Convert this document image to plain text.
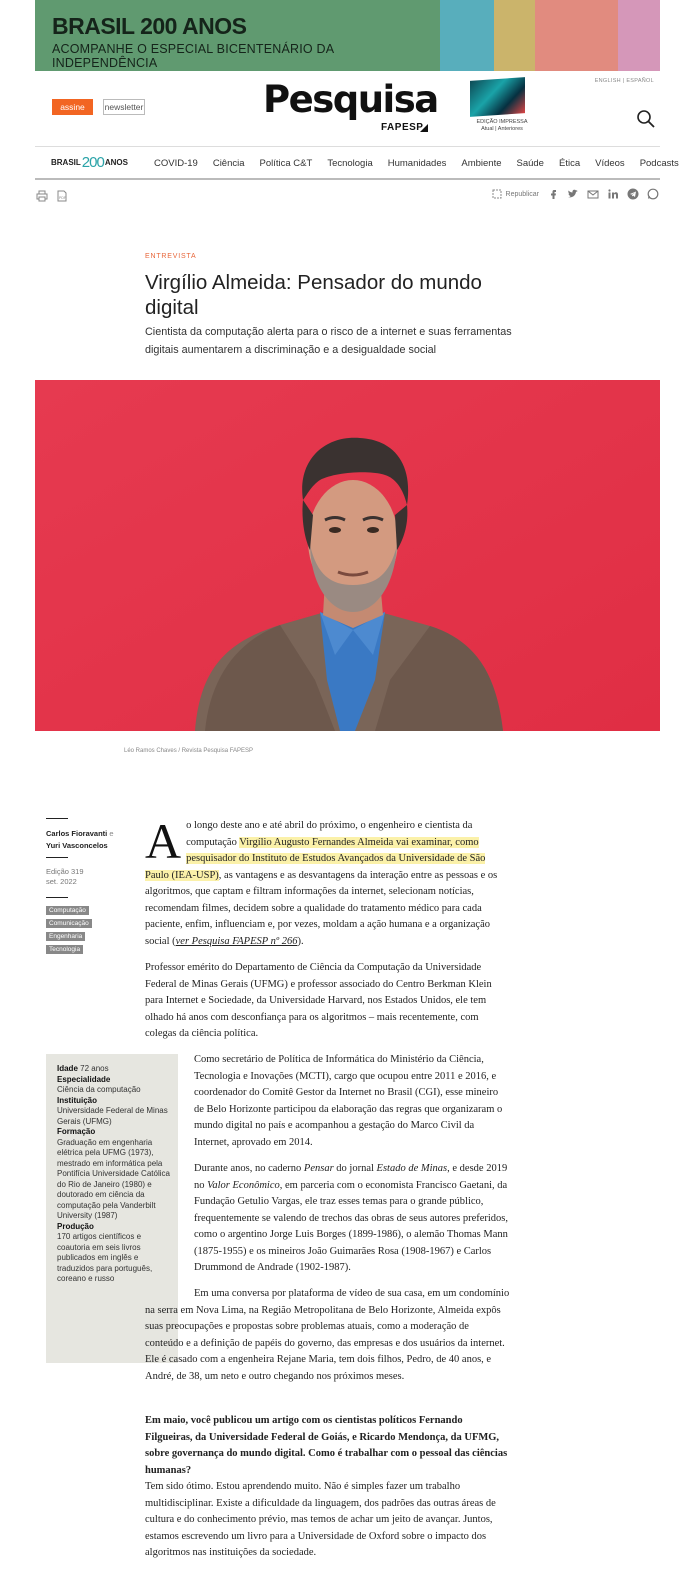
BRASIL 200 ANOS
ACOMPANHE O ESPECIAL BICENTENÁRIO DA INDEPENDÊNCIA
assine	newsletter	Pesquisa
FAPESP	EDIÇÃO IMPRESSA
Atual | Anteriores
ENGLISH | ESPAÑOL
BRASIL 200 ANOS	COVID-19 Ciência Política C&T Tecnologia Humanidades Ambiente Saúde Ética Vídeos Podcasts
PDF
Republicar
ENTREVISTA
Virgílio Almeida: Pensador do mundo digital

Cientista da computação alerta para o risco de a internet e suas ferramentas digitais aumentarem a discriminação e a desigualdade social

Léo Ramos Chaves / Revista Pesquisa FAPESP
Carlos Fioravanti e
Yuri Vasconcelos
Edição 319
set. 2022
Computação
Comunicação
Engenharia
Tecnologia
Ao longo deste ano e até abril do próximo, o engenheiro e cientista da computação Virgílio Augusto Fernandes Almeida vai examinar, como pesquisador do Instituto de Estudos Avançados da Universidade de São Paulo (IEA-USP), as vantagens e as desvantagens da interação entre as pessoas e os algoritmos, que captam e filtram informações da internet, selecionam notícias, recomendam filmes, decidem sobre a qualidade do tratamento médico para cada paciente, enfim, influenciam e, por vezes, moldam a ação humana e a organização social (ver Pesquisa FAPESP nº 266).
Professor emérito do Departamento de Ciência da Computação da Universidade Federal de Minas Gerais (UFMG) e professor associado do Centro Berkman Klein para Internet e Sociedade, da Universidade Harvard, nos Estados Unidos, ele tem olhado há anos com desconfiança para os algoritmos – mais recentemente, com colegas da ciência política.
Idade 72 anos
Especialidade
Ciência da computação
Instituição
Universidade Federal de Minas Gerais (UFMG)
Formação
Graduação em engenharia elétrica pela UFMG (1973), mestrado em informática pela Pontifícia Universidade Católica do Rio de Janeiro (1980) e doutorado em ciência da computação pela Vanderbilt University (1987)
Produção
170 artigos científicos e coautoria em seis livros publicados em inglês e traduzidos para português, coreano e russo
Como secretário de Política de Informática do Ministério da Ciência, Tecnologia e Inovações (MCTI), cargo que ocupou entre 2011 e 2016, e coordenador do Comitê Gestor da Internet no Brasil (CGI), esse mineiro de Belo Horizonte participou da elaboração das regras que organizaram o mundo digital no país e acompanhou a gestação do Marco Civil da Internet, aprovado em 2014.
Durante anos, no caderno Pensar do jornal Estado de Minas, e desde 2019 no Valor Econômico, em parceria com o economista Francisco Gaetani, da Fundação Getulio Vargas, ele traz esses temas para o grande público, frequentemente se valendo de trechos das obras de seus autores preferidos, como o argentino Jorge Luis Borges (1899-1986), o alemão Thomas Mann (1875-1955) e os mineiros João Guimarães Rosa (1908-1967) e Carlos Drummond de Andrade (1902-1987).
Em uma conversa por plataforma de vídeo de sua casa, em um condomínio na serra em Nova Lima, na Região Metropolitana de Belo Horizonte, Almeida expôs suas preocupações e propostas sobre problemas atuais, como a moderação de conteúdo e a definição de papéis do governo, das empresas e dos usuários da internet. Ele é casado com a engenheira Rejane Maria, tem dois filhos, Pedro, de 40 anos, e André, de 38, um neto e outro chegando nos próximos meses.
Em maio, você publicou um artigo com os cientistas políticos Fernando Filgueiras, da Universidade Federal de Goiás, e Ricardo Mendonça, da UFMG, sobre governança do mundo digital. Como é trabalhar com o pessoal das ciências humanas?
Tem sido ótimo. Estou aprendendo muito. Não é simples fazer um trabalho multidisciplinar. Existe a dificuldade da linguagem, dos padrões das outras áreas de cultura e do conhecimento prévio, mas temos de achar um jeito de avançar. Juntos, estamos escrevendo um livro para a Universidade de Oxford sobre o impacto dos algoritmos nas instituições da sociedade.
